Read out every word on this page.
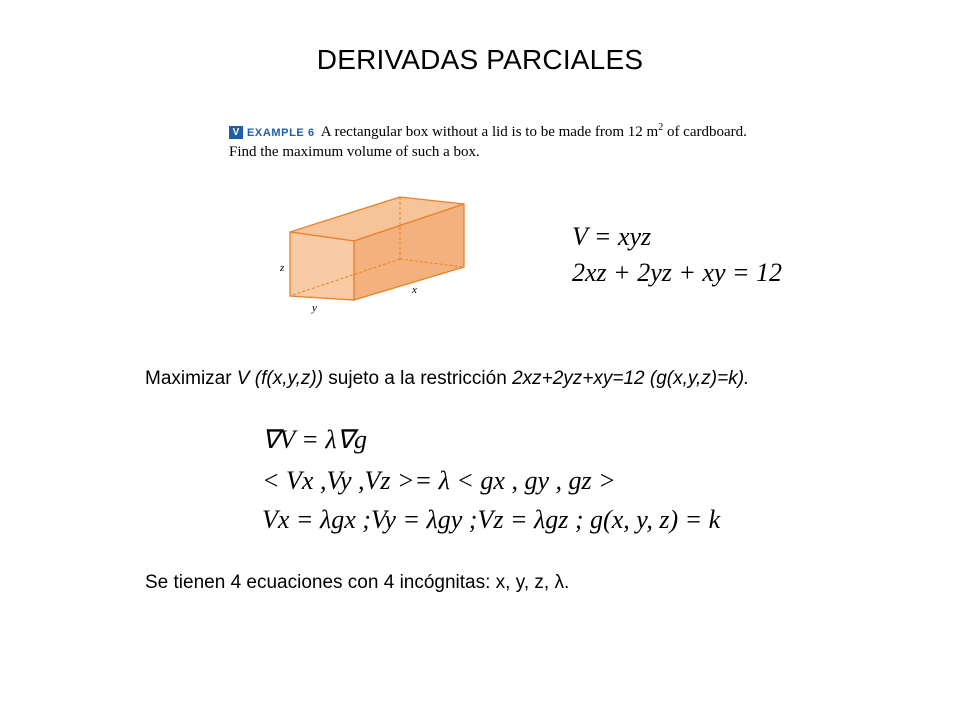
DERIVADAS PARCIALES
V EXAMPLE 6 A rectangular box without a lid is to be made from 12 $m^2$ of cardboard.
Find the maximum volume of such a box.
z
y
x
V = xyz
2xz + 2yz + xy = 12
Maximizar V (f(x,y,z)) sujeto a la restricción 2xz+2yz+xy=12 (g(x,y,z)=k).
∇V = λ∇g
< Vx ,Vy ,Vz >= λ < gx , gy , gz >
Vx = λgx ;Vy = λgy ;Vz = λgz ; g(x, y, z) = k
Se tienen 4 ecuaciones con 4 incógnitas: x, y, z, λ.
